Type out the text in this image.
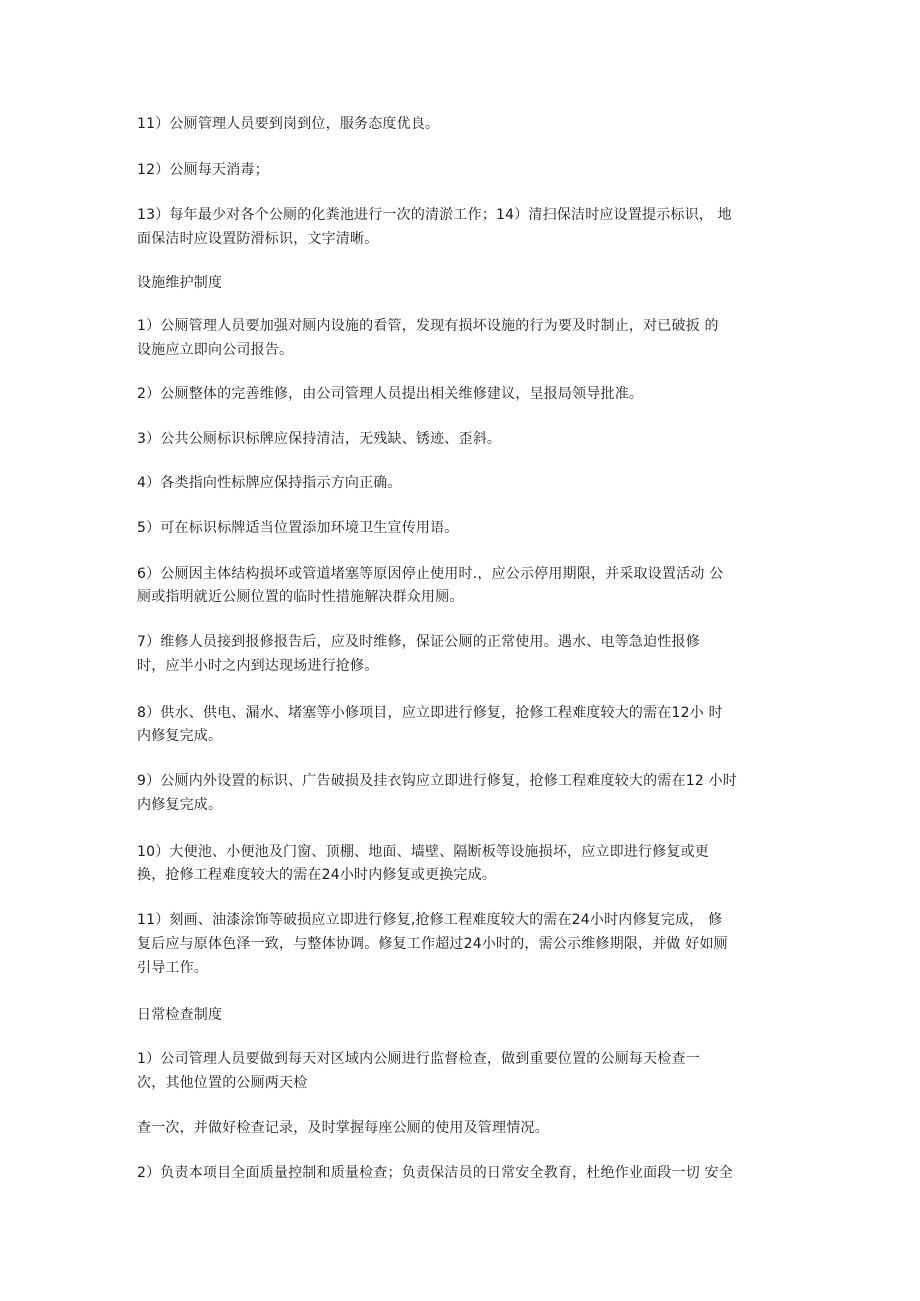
11）公厕管理人员要到岗到位，服务态度优良。
12）公厕每天消毒；
13）每年最少对各个公厕的化粪池进行一次的清淤工作；14）清扫保洁时应设置提示标识， 地
面保洁时应设置防滑标识，文字清晰。
设施维护制度
1）公厕管理人员要加强对厕内设施的看管，发现有损坏设施的行为要及时制止，对已破扳 的
设施应立即向公司报告。
2）公厕整体的完善维修，由公司管理人员提出相关维修建议，呈报局领导批准。
3）公共公厕标识标牌应保持清洁，无残缺、锈迹、歪斜。
4）各类指向性标牌应保持指示方向正确。
5）可在标识标牌适当位置添加环境卫生宣传用语。
6）公厕因主体结构损坏或管道堵塞等原因停止使用时.，应公示停用期限，并采取设置活动 公
厕或指明就近公厕位置的临时性措施解决群众用厕。
7）维修人员接到报修报告后，应及时维修，保证公厕的正常使用。遇水、电等急迫性报修
时，应半小时之内到达现场进行抢修。
8）供水、供电、漏水、堵塞等小修项目，应立即进行修复，抢修工程难度较大的需在12小 时
内修复完成。
9）公厕内外设置的标识、广告破损及挂衣钩应立即进行修复，抢修工程难度较大的需在12 小时
内修复完成。
10）大便池、小便池及门窗、顶棚、地面、墙壁、隔断板等设施损坏，应立即进行修复或更
换，抢修工程难度较大的需在24小时内修复或更换完成。
11）刻画、油漆涂饰等破损应立即进行修复,抢修工程难度较大的需在24小时内修复完成， 修
复后应与原体色泽一致，与整体协调。修复工作超过24小时的，需公示维修期限，并做 好如厕
引导工作。
日常检查制度
1）公司管理人员要做到每天对区域内公厕进行监督检查，做到重要位置的公厕每天检查一
次，其他位置的公厕两天检
查一次，并做好检查记录，及时掌握每座公厕的使用及管理情况。
2）负责本项目全面质量控制和质量检查；负责保洁员的日常安全教育，杜绝作业面段一切 安全
